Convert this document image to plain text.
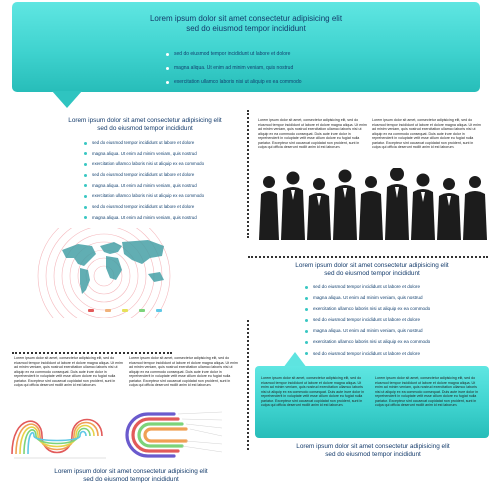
Lorem ipsum dolor sit amet consectetur adipisicing elit
sed do eiusmod tempor incididunt
sed do eiusmod tempor incididunt ut labore et dolore
magna aliqua. Ut enim ad minim veniam, quis nostrud
exercitation ullamco laboris nisi ut aliquip ex ea commodo
Lorem ipsum dolor sit amet consectetur adipisicing elit
sed do eiusmod tempor incididunt
sed do eiusmod tempor incididunt ut labore et dolore
magna aliqua. Ut enim ad minim veniam, quis nostrud
exercitation ullamco laboris nisi ut aliquip ex ea commodo
sed do eiusmod tempor incididunt ut labore et dolore
magna aliqua. Ut enim ad minim veniam, quis nostrud
exercitation ullamco laboris nisi ut aliquip ex ea commodo
sed do eiusmod tempor incididunt ut labore et dolore
magna aliqua. Ut enim ad minim veniam, quis nostrud
Lorem ipsum dolor sit amet, consectetur adipisicing elit, sed do eiusmod tempor incididunt ut labore et dolore magna aliqua. Ut enim ad minim veniam, quis nostrud exercitation ullamco laboris nisi ut aliquip ex ea commodo consequat. Duis aute irure dolor in reprehenderit in voluptate velit esse cillum dolore eu fugiat nulla pariatur. Excepteur sint occaecat cupidatat non proident, sunt in culpa qui officia deserunt mollit anim id est laborum.
Lorem ipsum dolor sit amet, consectetur adipisicing elit, sed do eiusmod tempor incididunt ut labore et dolore magna aliqua. Ut enim ad minim veniam, quis nostrud exercitation ullamco laboris nisi ut aliquip ex ea commodo consequat. Duis aute irure dolor in reprehenderit in voluptate velit esse cillum dolore eu fugiat nulla pariatur. Excepteur sint occaecat cupidatat non proident, sunt in culpa qui officia deserunt mollit anim id est laborum.
Lorem ipsum dolor sit amet consectetur adipisicing elit
sed do eiusmod tempor incididunt
sed do eiusmod tempor incididunt ut labore et dolore
magna aliqua. Ut enim ad minim veniam, quis nostrud
exercitation ullamco laboris nisi ut aliquip ex ea commodo
sed do eiusmod tempor incididunt ut labore et dolore
magna aliqua. Ut enim ad minim veniam, quis nostrud
exercitation ullamco laboris nisi ut aliquip ex ea commodo
sed do eiusmod tempor incididunt ut labore et dolore
Lorem ipsum dolor sit amet, consectetur adipisicing elit, sed do eiusmod tempor incididunt ut labore et dolore magna aliqua. Ut enim ad minim veniam, quis nostrud exercitation ullamco laboris nisi ut aliquip ex ea commodo consequat. Duis aute irure dolor in reprehenderit in voluptate velit esse cillum dolore eu fugiat nulla pariatur. Excepteur sint occaecat cupidatat non proident, sunt in culpa qui officia deserunt mollit anim id est laborum.
Lorem ipsum dolor sit amet, consectetur adipisicing elit, sed do eiusmod tempor incididunt ut labore et dolore magna aliqua. Ut enim ad minim veniam, quis nostrud exercitation ullamco laboris nisi ut aliquip ex ea commodo consequat. Duis aute irure dolor in reprehenderit in voluptate velit esse cillum dolore eu fugiat nulla pariatur. Excepteur sint occaecat cupidatat non proident, sunt in culpa qui officia deserunt mollit anim id est laborum.
Lorem ipsum dolor sit amet consectetur adipisicing elit
sed do eiusmod tempor incididunt
Lorem ipsum dolor sit amet, consectetur adipisicing elit, sed do eiusmod tempor incididunt ut labore et dolore magna aliqua. Ut enim ad minim veniam, quis nostrud exercitation ullamco laboris nisi ut aliquip ex ea commodo consequat. Duis aute irure dolor in reprehenderit in voluptate velit esse cillum dolore eu fugiat nulla pariatur. Excepteur sint occaecat cupidatat non proident, sunt in culpa qui officia deserunt mollit anim id est laborum.
Lorem ipsum dolor sit amet, consectetur adipisicing elit, sed do eiusmod tempor incididunt ut labore et dolore magna aliqua. Ut enim ad minim veniam, quis nostrud exercitation ullamco laboris nisi ut aliquip ex ea commodo consequat. Duis aute irure dolor in reprehenderit in voluptate velit esse cillum dolore eu fugiat nulla pariatur. Excepteur sint occaecat cupidatat non proident, sunt in culpa qui officia deserunt mollit anim id est laborum.
Lorem ipsum dolor sit amet consectetur adipisicing elit
sed do eiusmod tempor incididunt
